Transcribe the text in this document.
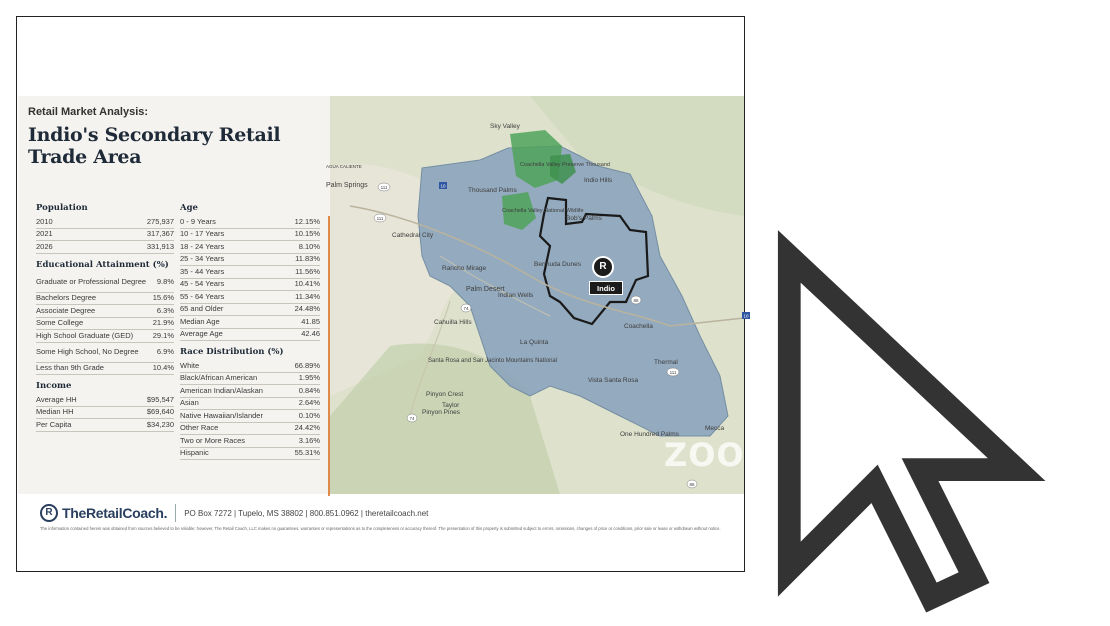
Retail Market Analysis:
Indio's Secondary Retail Trade Area
Population
2010	275,937
2021	317,367
2026	331,913
Educational Attainment (%)
Graduate or Professional Degree	9.8%
Bachelors Degree	15.6%
Associate Degree	6.3%
Some College	21.9%
High School Graduate (GED)	29.1%
Some High School, No Degree	6.9%
Less than 9th Grade	10.4%
Income
Average HH	$95,547
Median HH	$69,640
Per Capita	$34,230
Age
0 - 9 Years	12.15%
10 - 17 Years	10.15%
18 - 24 Years	8.10%
25 - 34 Years	11.83%
35 - 44 Years	11.56%
45 - 54 Years	10.41%
55 - 64 Years	11.34%
65 and Older	24.48%
Median Age	41.85
Average Age	42.46
Race Distribution (%)
White	66.89%
Black/African American	1.95%
American Indian/Alaskan	0.84%
Asian	2.64%
Native Hawaiian/Islander	0.10%
Other Race	24.42%
Two or More Races	3.16%
Hispanic	55.31%
111
111
74
74
10
10
86
111
86
Sky Valley
Coachella Valley Preserve Thousand
Thousand Palms
Indio Hills
Palm Springs
AGUA CALIENTE
Cathedral City
Coachella Valley National Wildlife
Bob's Palms
Rancho Mirage
Bermuda Dunes
Palm Desert
Indian Wells
Coachella
Cahuilla Hills
La Quinta
Santa Rosa and San Jacinto Mountains National	Thermal
Vista Santa Rosa
Pinyon Crest
Taylor
Pinyon Pines
One Hundred Palms
Mecca
R
Indio
ZOO
R TheRetailCoach. PO Box 7272 | Tupelo, MS 38802 | 800.851.0962 | theretailcoach.net
The information contained herein was obtained from sources believed to be reliable; however, The Retail Coach, LLC makes no guarantees, warranties or representations as to the completeness or accuracy thereof. The presentation of this property is submitted subject to errors, omissions, changes of price or conditions, prior sale or lease or withdrawn without notice.
